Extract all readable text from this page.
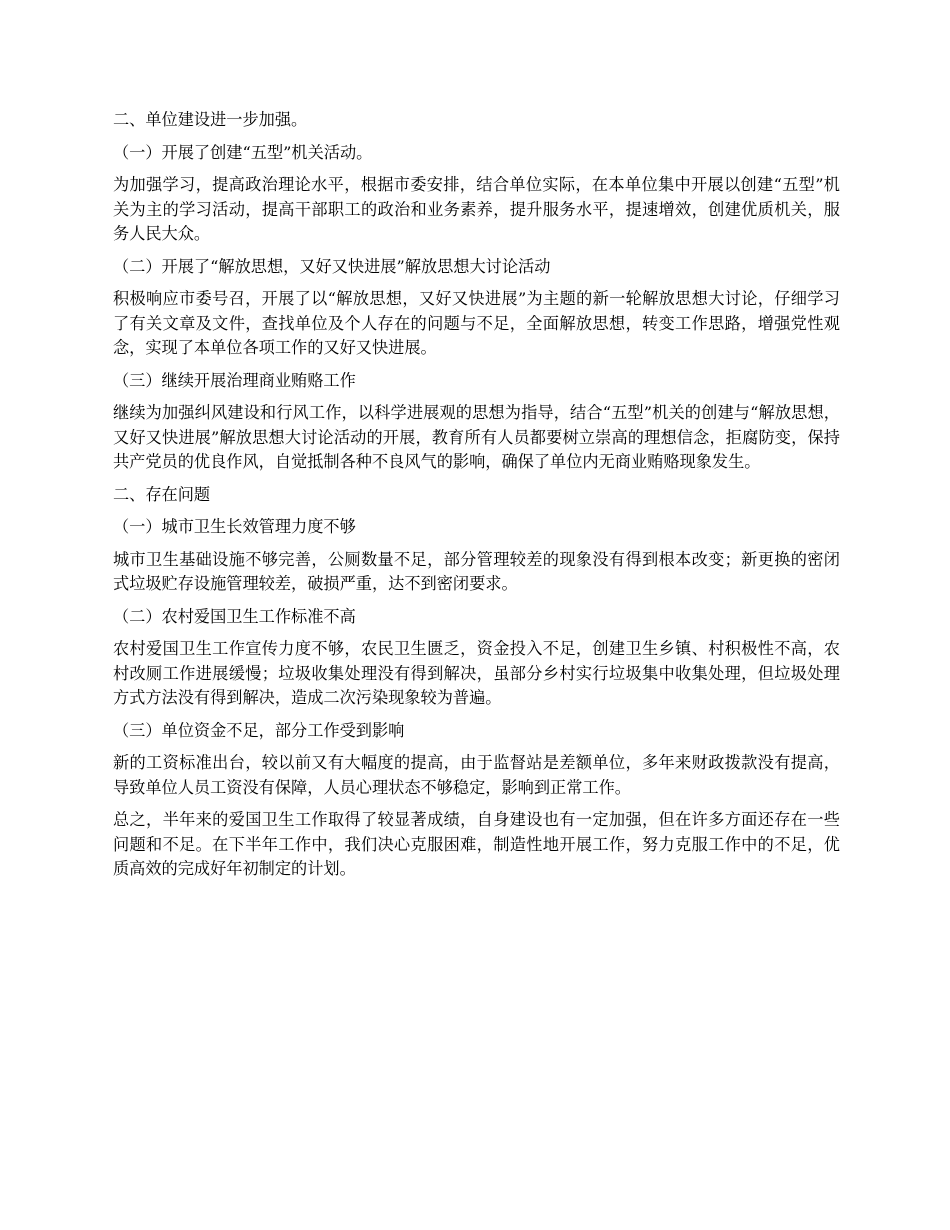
二、单位建设进一步加强。

（一）开展了创建“五型”机关活动。

为加强学习，提高政治理论水平，根据市委安排，结合单位实际，在本单位集中开展以创建“五型”机关为主的学习活动，提高干部职工的政治和业务素养，提升服务水平，提速增效，创建优质机关，服务人民大众。

（二）开展了“解放思想，又好又快进展”解放思想大讨论活动

积极响应市委号召，开展了以“解放思想，又好又快进展”为主题的新一轮解放思想大讨论，仔细学习了有关文章及文件，查找单位及个人存在的问题与不足，全面解放思想，转变工作思路，增强党性观念，实现了本单位各项工作的又好又快进展。

（三）继续开展治理商业贿赂工作

继续为加强纠风建设和行风工作，以科学进展观的思想为指导，结合“五型”机关的创建与“解放思想，又好又快进展”解放思想大讨论活动的开展，教育所有人员都要树立崇高的理想信念，拒腐防变，保持共产党员的优良作风，自觉抵制各种不良风气的影响，确保了单位内无商业贿赂现象发生。

二、存在问题

（一）城市卫生长效管理力度不够

城市卫生基础设施不够完善，公厕数量不足，部分管理较差的现象没有得到根本改变；新更换的密闭式垃圾贮存设施管理较差，破损严重，达不到密闭要求。

（二）农村爱国卫生工作标准不高

农村爱国卫生工作宣传力度不够，农民卫生匮乏，资金投入不足，创建卫生乡镇、村积极性不高，农村改厕工作进展缓慢；垃圾收集处理没有得到解决，虽部分乡村实行垃圾集中收集处理，但垃圾处理方式方法没有得到解决，造成二次污染现象较为普遍。

（三）单位资金不足，部分工作受到影响

新的工资标准出台，较以前又有大幅度的提高，由于监督站是差额单位，多年来财政拨款没有提高，导致单位人员工资没有保障，人员心理状态不够稳定，影响到正常工作。

总之，半年来的爱国卫生工作取得了较显著成绩，自身建设也有一定加强，但在许多方面还存在一些问题和不足。在下半年工作中，我们决心克服困难，制造性地开展工作，努力克服工作中的不足，优质高效的完成好年初制定的计划。
